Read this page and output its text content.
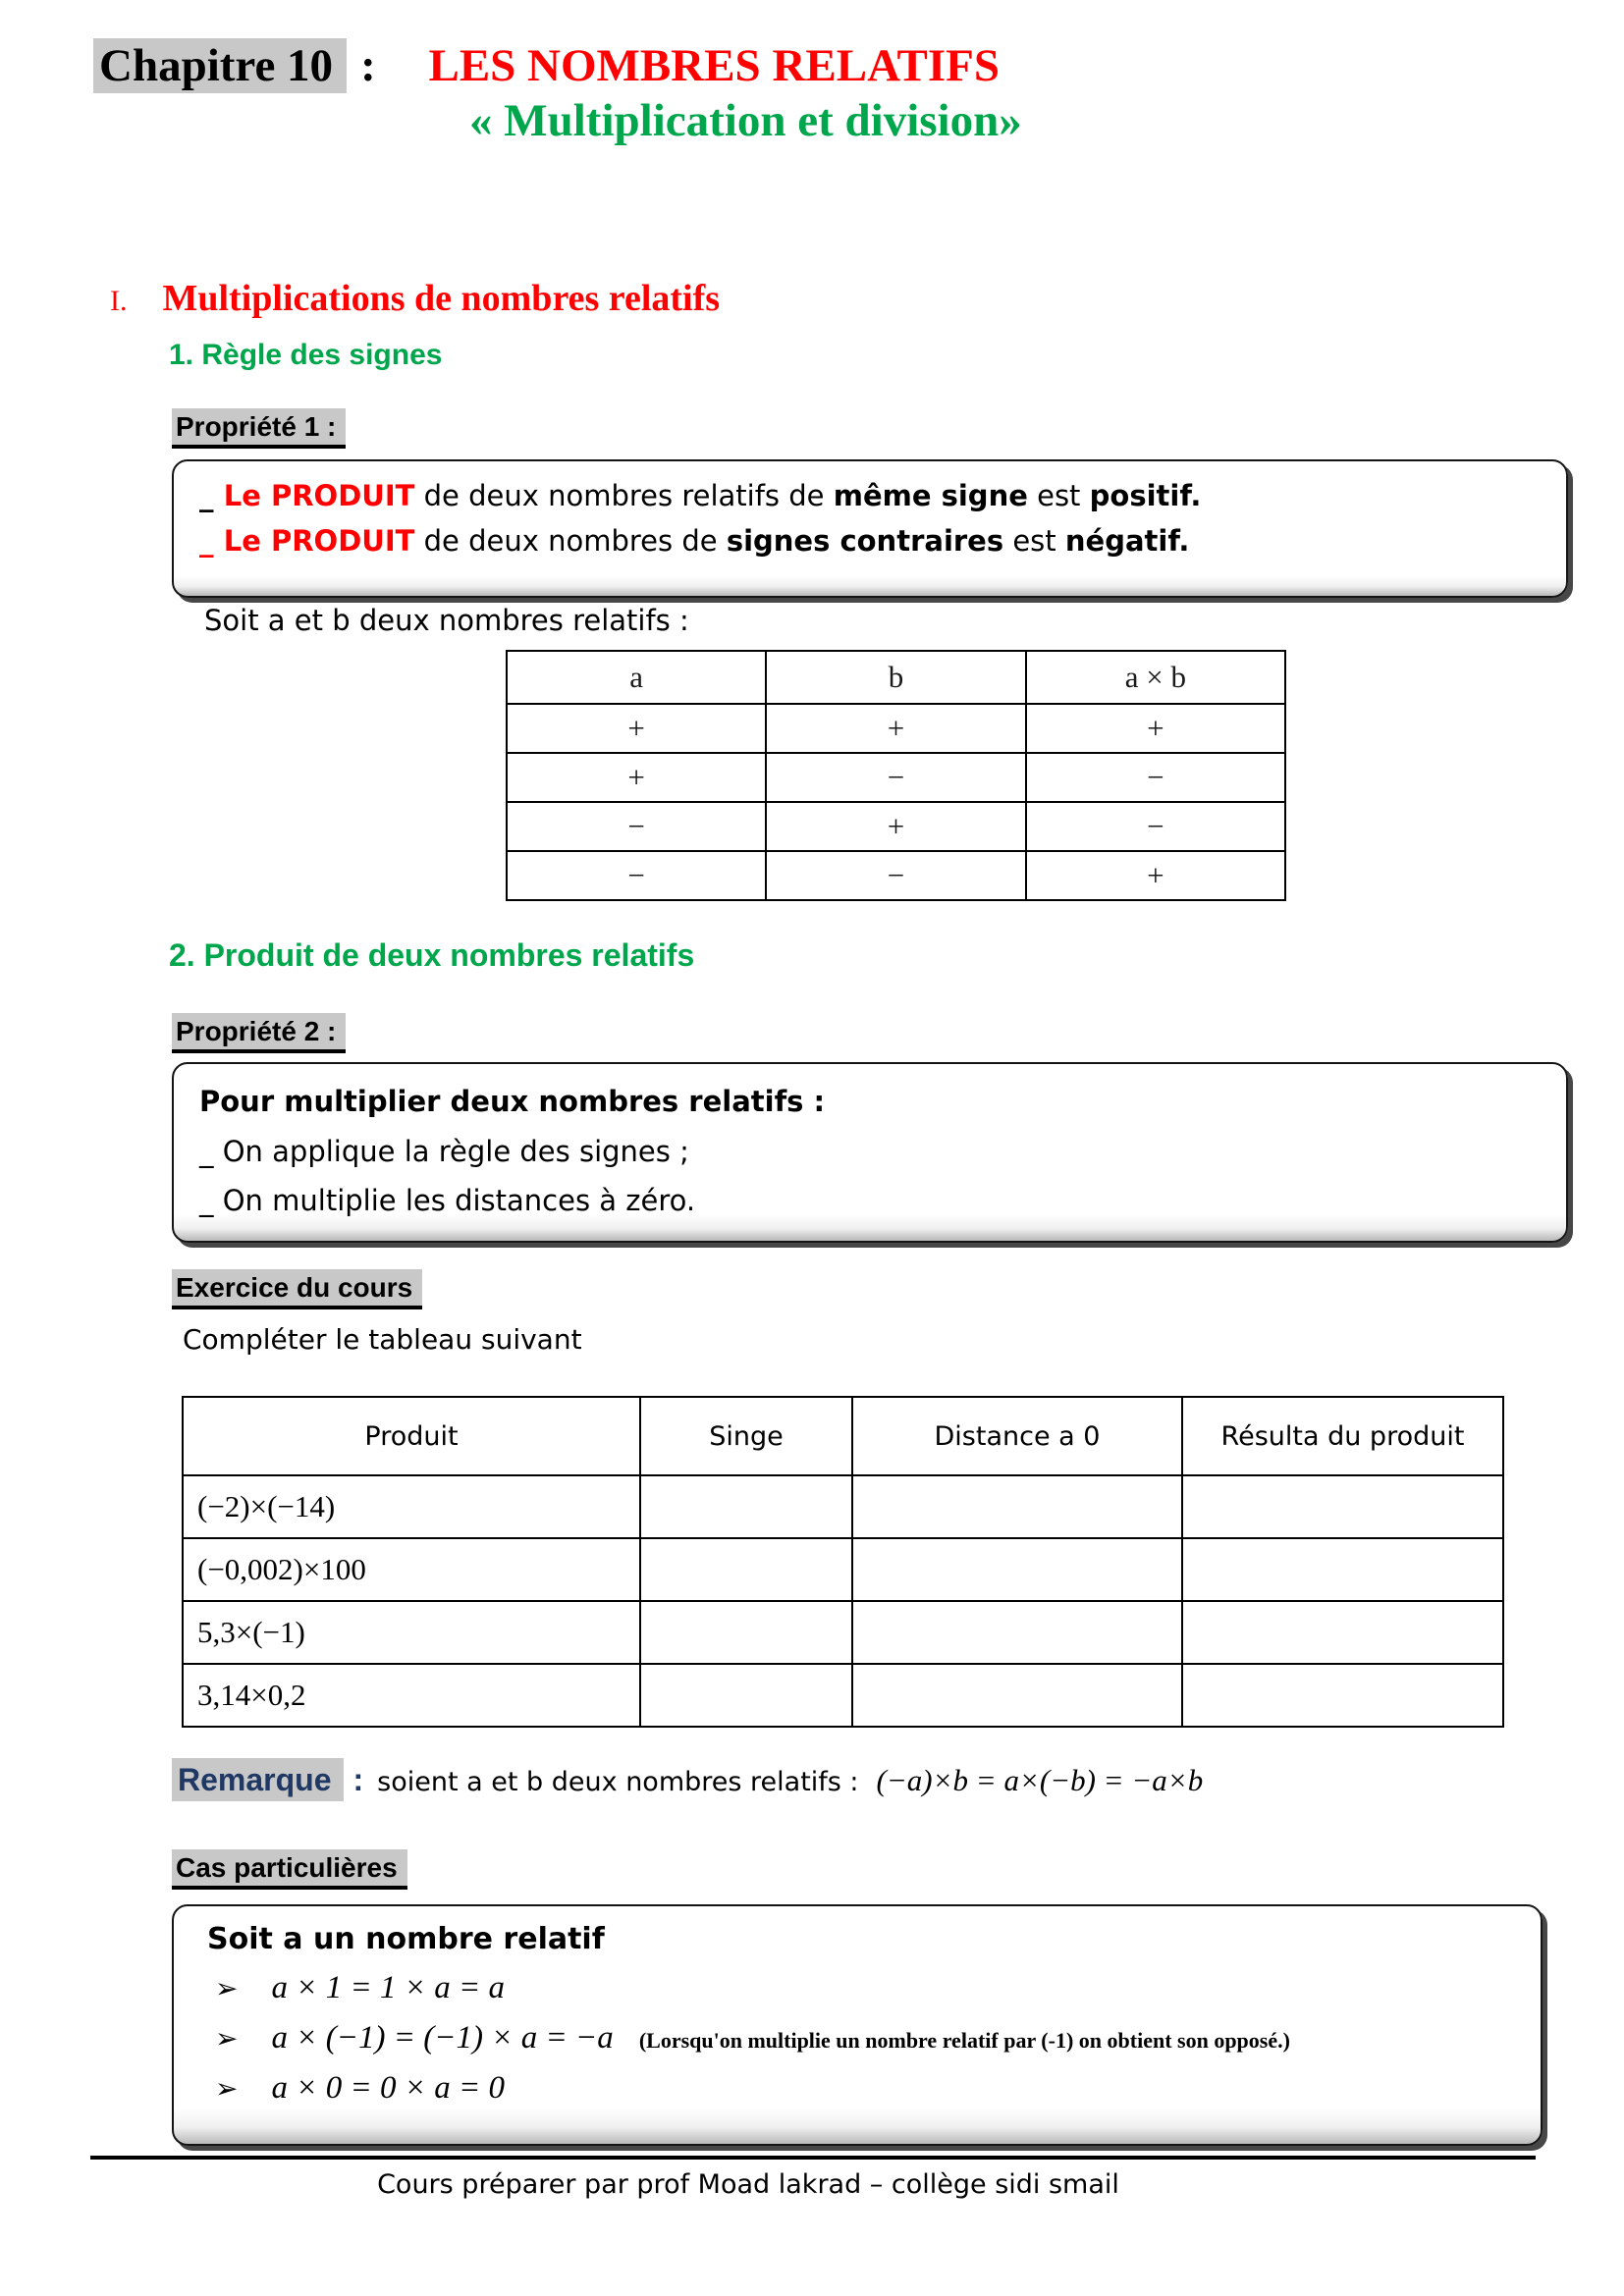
Chapitre 10 : LES NOMBRES RELATIFS
« Multiplication et division»
I. Multiplications de nombres relatifs
1. Règle des signes
Propriété 1 :
_ Le PRODUIT de deux nombres relatifs de même signe est positif.
_ Le PRODUIT de deux nombres de signes contraires est négatif.
Soit a et b deux nombres relatifs :
a	b	a × b
+	+	+
+	−	−
−	+	−
−	−	+
2. Produit de deux nombres relatifs
Propriété 2 :
Pour multiplier deux nombres relatifs :
_ On applique la règle des signes ;
_ On multiplie les distances à zéro.
Exercice du cours
Compléter le tableau suivant
Produit	Singe	Distance a 0	Résulta du produit
(−2)×(−14)			
(−0,002)×100			
5,3×(−1)			
3,14×0,2			
Remarque : soient a et b deux nombres relatifs : (−a)×b = a×(−b) = −a×b
Cas particulières
Soit a un nombre relatif
➢ a × 1 = 1 × a = a
➢ a × (−1) = (−1) × a = −a (Lorsqu'on multiplie un nombre relatif par (-1) on obtient son opposé.)
➢ a × 0 = 0 × a = 0
Cours préparer par prof Moad lakrad – collège sidi smail
